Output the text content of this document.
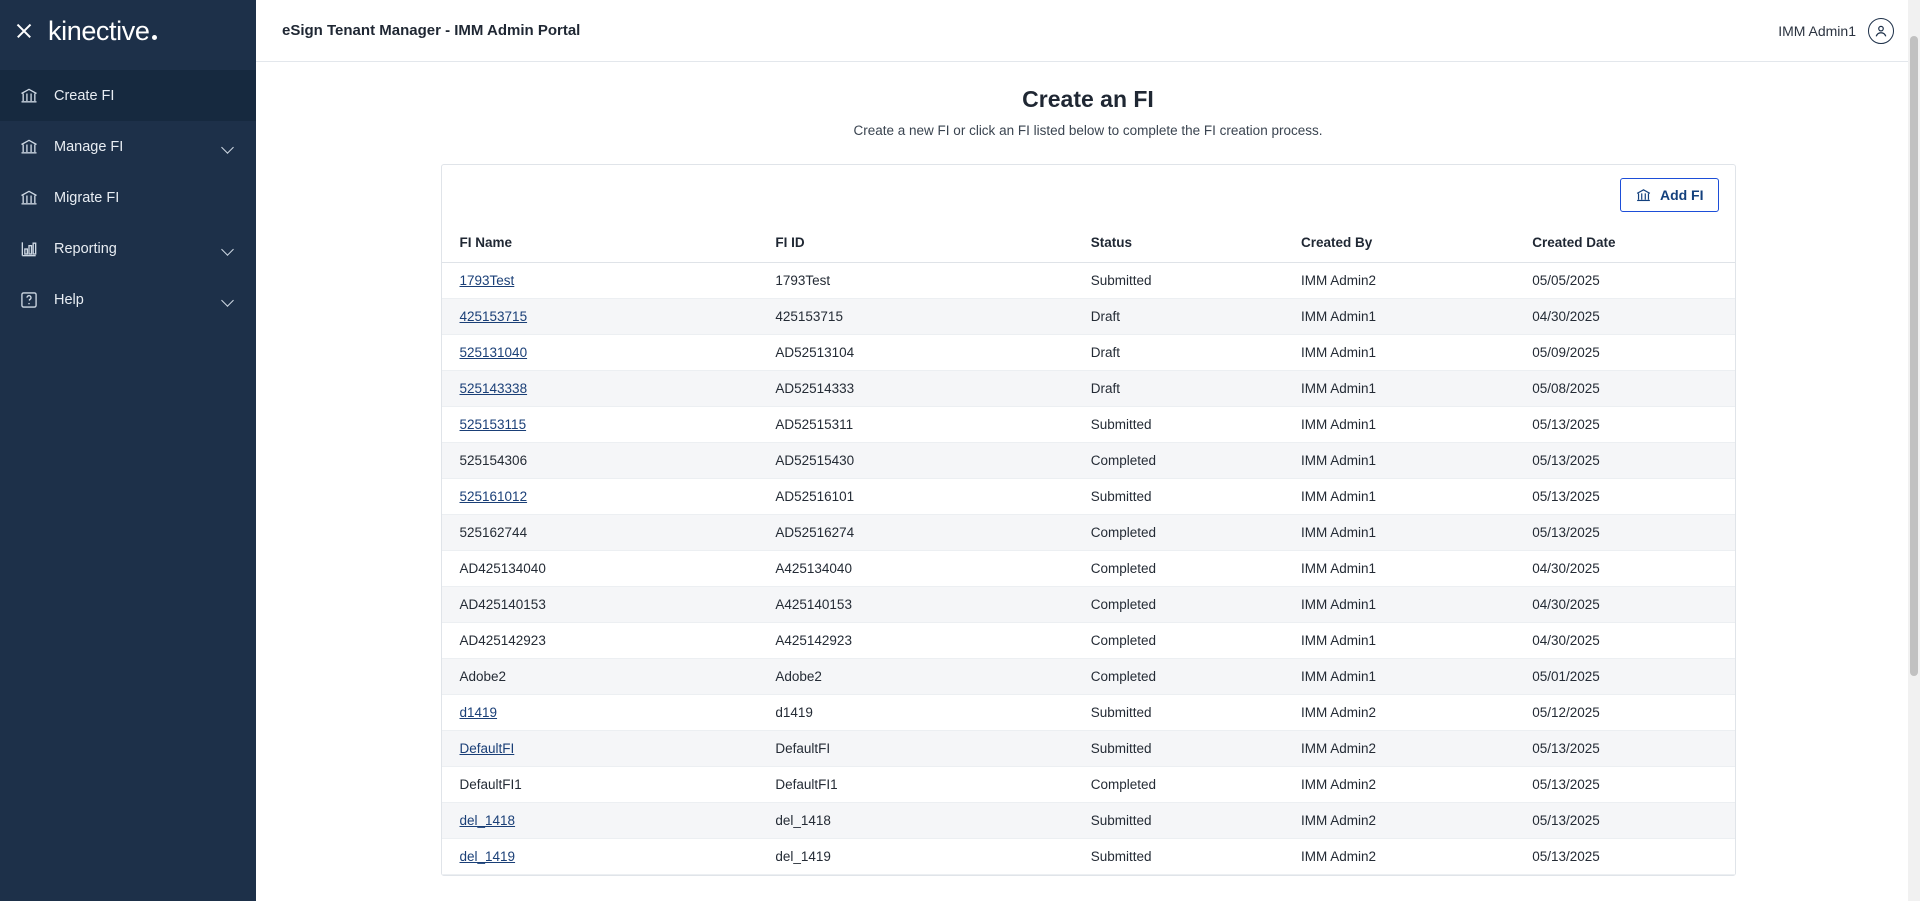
kinective
Create FI
Manage FI
Migrate FI
Reporting
Help
eSign Tenant Manager - IMM Admin Portal	IMM Admin1
Create an FI

Create a new FI or click an FI listed below to complete the FI creation process.

Add FI
FI Name	FI ID	Status	Created By	Created Date
1793Test	1793Test	Submitted	IMM Admin2	05/05/2025
425153715	425153715	Draft	IMM Admin1	04/30/2025
525131040	AD52513104	Draft	IMM Admin1	05/09/2025
525143338	AD52514333	Draft	IMM Admin1	05/08/2025
525153115	AD52515311	Submitted	IMM Admin1	05/13/2025
525154306	AD52515430	Completed	IMM Admin1	05/13/2025
525161012	AD52516101	Submitted	IMM Admin1	05/13/2025
525162744	AD52516274	Completed	IMM Admin1	05/13/2025
AD425134040	A425134040	Completed	IMM Admin1	04/30/2025
AD425140153	A425140153	Completed	IMM Admin1	04/30/2025
AD425142923	A425142923	Completed	IMM Admin1	04/30/2025
Adobe2	Adobe2	Completed	IMM Admin1	05/01/2025
d1419	d1419	Submitted	IMM Admin2	05/12/2025
DefaultFI	DefaultFI	Submitted	IMM Admin2	05/13/2025
DefaultFI1	DefaultFI1	Completed	IMM Admin2	05/13/2025
del_1418	del_1418	Submitted	IMM Admin2	05/13/2025
del_1419	del_1419	Submitted	IMM Admin2	05/13/2025
